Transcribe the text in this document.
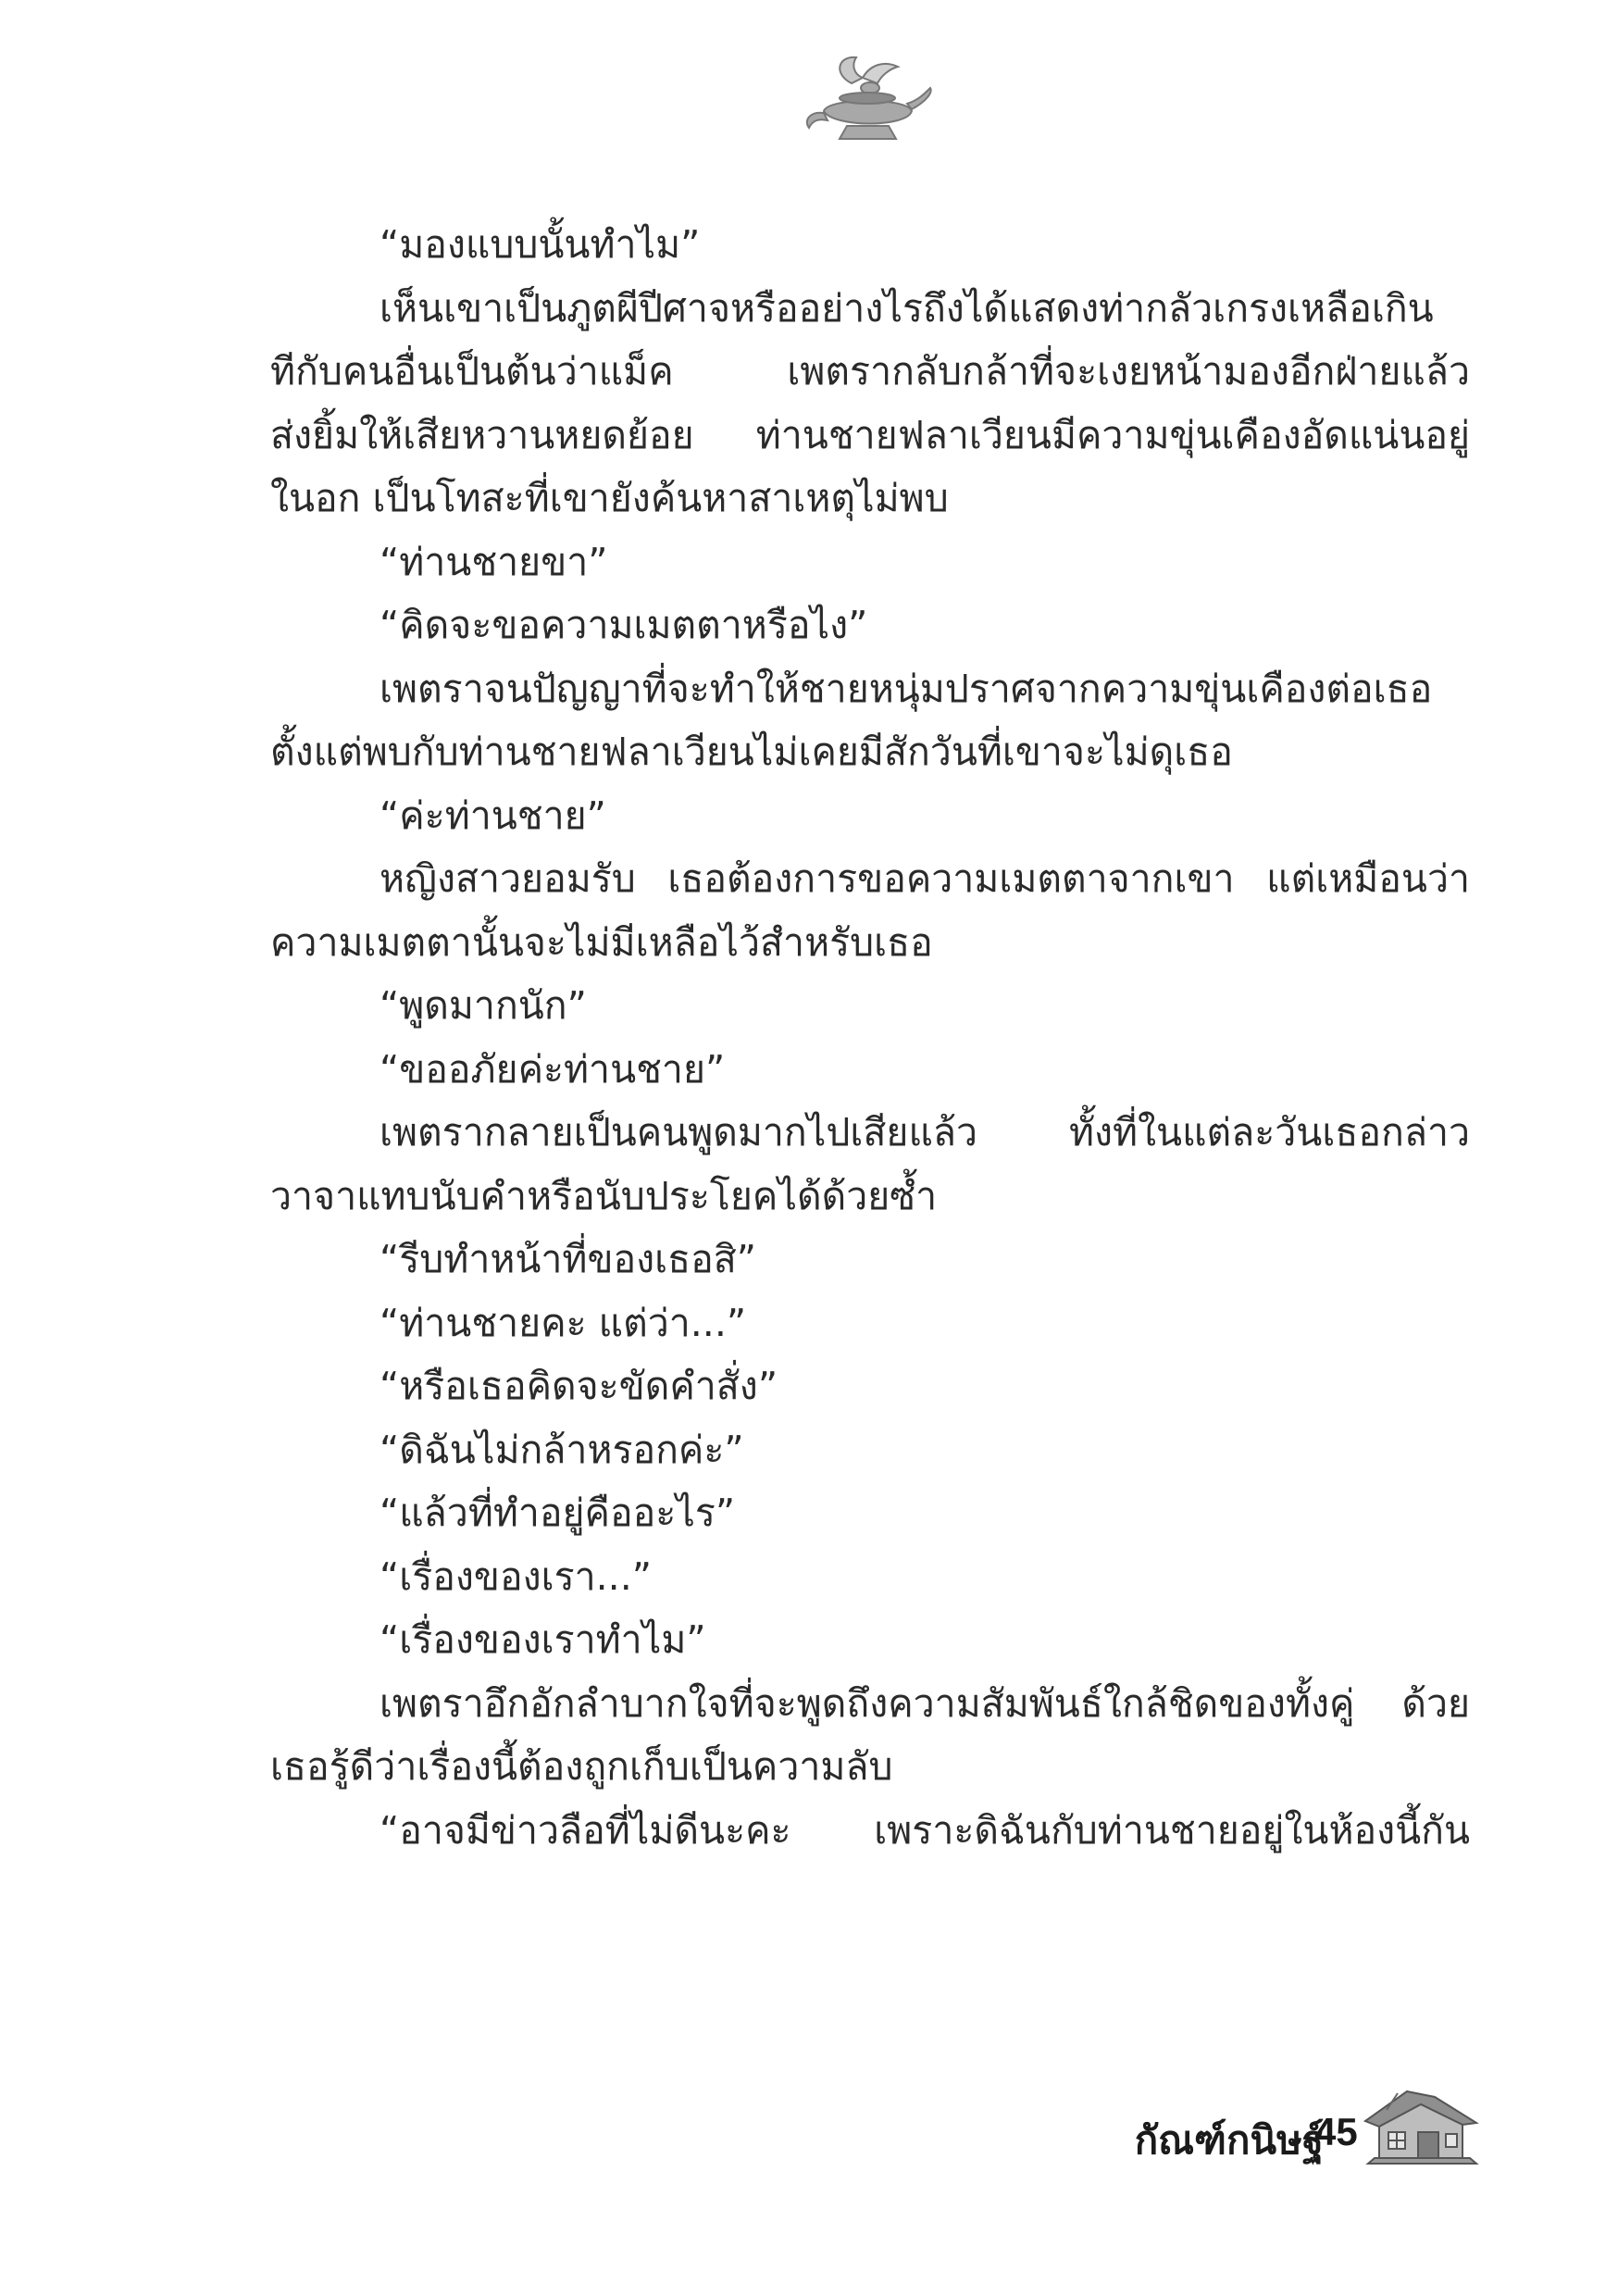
“มองแบบนั้นทำไม”
เห็นเขาเป็นภูตผีปีศาจหรืออย่างไรถึงได้แสดงท่ากลัวเกรงเหลือเกิน
ทีกับคนอื่นเป็นต้นว่าแม็ค เพตรากลับกล้าที่จะเงยหน้ามองอีกฝ่ายแล้ว
ส่งยิ้มให้เสียหวานหยดย้อย ท่านชายฟลาเวียนมีความขุ่นเคืองอัดแน่นอยู่
ในอก เป็นโทสะที่เขายังค้นหาสาเหตุไม่พบ
“ท่านชายขา”
“คิดจะขอความเมตตาหรือไง”
เพตราจนปัญญาที่จะทำให้ชายหนุ่มปราศจากความขุ่นเคืองต่อเธอ
ตั้งแต่พบกับท่านชายฟลาเวียนไม่เคยมีสักวันที่เขาจะไม่ดุเธอ
“ค่ะท่านชาย”
หญิงสาวยอมรับ เธอต้องการขอความเมตตาจากเขา แต่เหมือนว่า
ความเมตตานั้นจะไม่มีเหลือไว้สำหรับเธอ
“พูดมากนัก”
“ขออภัยค่ะท่านชาย”
เพตรากลายเป็นคนพูดมากไปเสียแล้ว ทั้งที่ในแต่ละวันเธอกล่าว
วาจาแทบนับคำหรือนับประโยคได้ด้วยซ้ำ
“รีบทำหน้าที่ของเธอสิ”
“ท่านชายคะ แต่ว่า...”
“หรือเธอคิดจะขัดคำสั่ง”
“ดิฉันไม่กล้าหรอกค่ะ”
“แล้วที่ทำอยู่คืออะไร”
“เรื่องของเรา...”
“เรื่องของเราทำไม”
เพตราอึกอักลำบากใจที่จะพูดถึงความสัมพันธ์ใกล้ชิดของทั้งคู่ ด้วย
เธอรู้ดีว่าเรื่องนี้ต้องถูกเก็บเป็นความลับ
“อาจมีข่าวลือที่ไม่ดีนะคะ เพราะดิฉันกับท่านชายอยู่ในห้องนี้กัน
กัณฑ์กนิษฐ์
45
